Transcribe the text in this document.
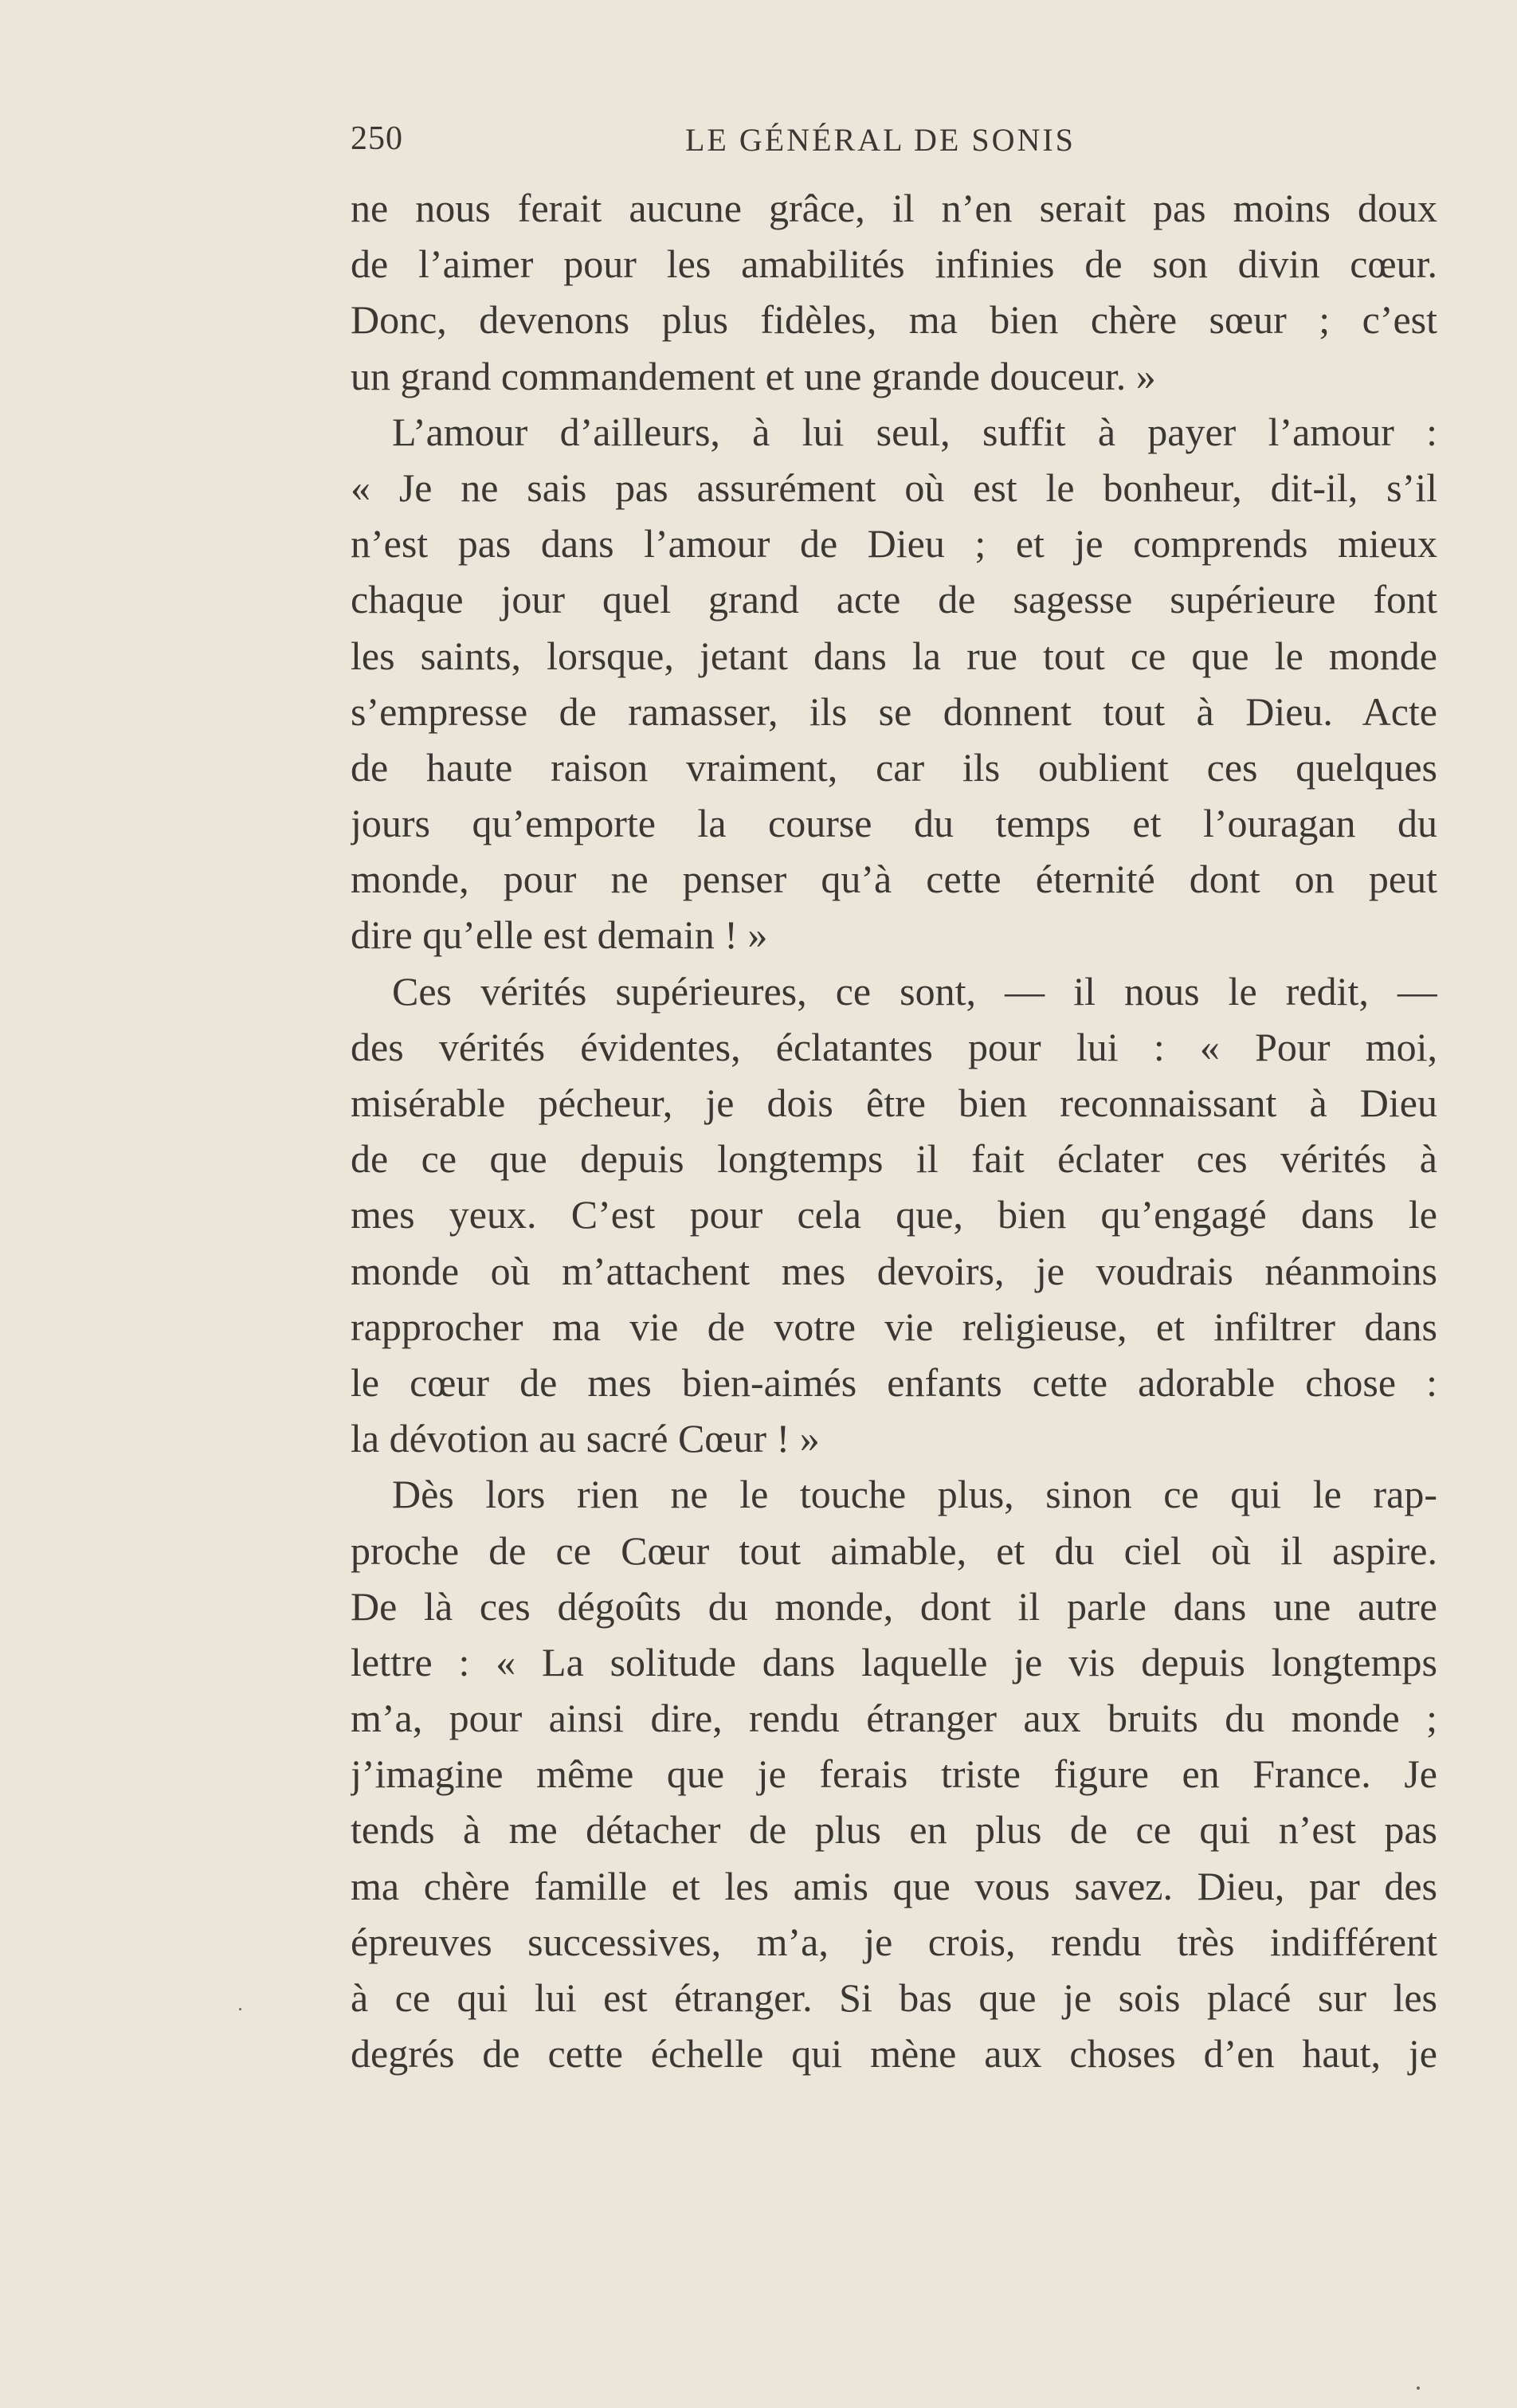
250	LE GÉNÉRAL DE SONIS
ne nous ferait aucune grâce, il n’en serait pas moins doux
de l’aimer pour les amabilités infinies de son divin cœur.
Donc, devenons plus fidèles, ma bien chère sœur ; c’est
un grand commandement et une grande douceur. »
L’amour d’ailleurs, à lui seul, suffit à payer l’amour :
« Je ne sais pas assurément où est le bonheur, dit-il, s’il
n’est pas dans l’amour de Dieu ; et je comprends mieux
chaque jour quel grand acte de sagesse supérieure font
les saints, lorsque, jetant dans la rue tout ce que le monde
s’empresse de ramasser, ils se donnent tout à Dieu. Acte
de haute raison vraiment, car ils oublient ces quelques
jours qu’emporte la course du temps et l’ouragan du
monde, pour ne penser qu’à cette éternité dont on peut
dire qu’elle est demain ! »
Ces vérités supérieures, ce sont, — il nous le redit, —
des vérités évidentes, éclatantes pour lui : « Pour moi,
misérable pécheur, je dois être bien reconnaissant à Dieu
de ce que depuis longtemps il fait éclater ces vérités à
mes yeux. C’est pour cela que, bien qu’engagé dans le
monde où m’attachent mes devoirs, je voudrais néanmoins
rapprocher ma vie de votre vie religieuse, et infiltrer dans
le cœur de mes bien-aimés enfants cette adorable chose :
la dévotion au sacré Cœur ! »
Dès lors rien ne le touche plus, sinon ce qui le rap-
proche de ce Cœur tout aimable, et du ciel où il aspire.
De là ces dégoûts du monde, dont il parle dans une autre
lettre : « La solitude dans laquelle je vis depuis longtemps
m’a, pour ainsi dire, rendu étranger aux bruits du monde ;
j’imagine même que je ferais triste figure en France. Je
tends à me détacher de plus en plus de ce qui n’est pas
ma chère famille et les amis que vous savez. Dieu, par des
épreuves successives, m’a, je crois, rendu très indifférent
à ce qui lui est étranger. Si bas que je sois placé sur les
degrés de cette échelle qui mène aux choses d’en haut, je
